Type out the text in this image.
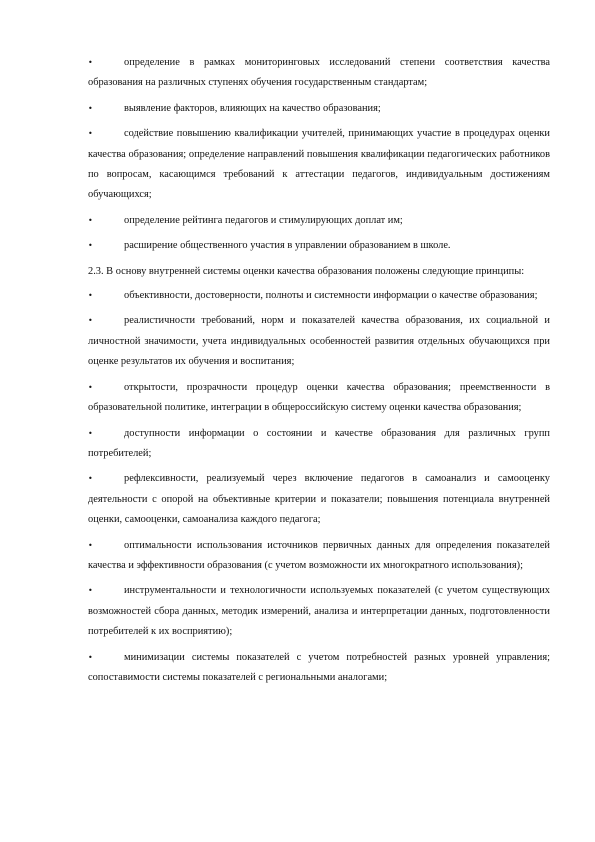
•	определение в рамках мониторинговых исследований степени соответствия качества образования на различных ступенях обучения государственным стандартам;

•	выявление факторов, влияющих на качество образования;

•	содействие повышению квалификации учителей, принимающих участие в процедурах оценки качества образования; определение направлений повышения квалификации педагогических работников по вопросам, касающимся требований к аттестации педагогов, индивидуальным достижениям обучающихся;

•	определение рейтинга педагогов и стимулирующих доплат им;

•	расширение общественного участия в управлении образованием в школе.

2.3. В основу внутренней системы оценки качества образования положены следующие принципы:

•	объективности, достоверности, полноты и системности информации о качестве образования;

•	реалистичности требований, норм и показателей качества образования, их социальной и личностной значимости, учета индивидуальных особенностей развития отдельных обучающихся при оценке результатов их обучения и воспитания;

•	открытости, прозрачности процедур оценки качества образования; преемственности в образовательной политике, интеграции в общероссийскую систему оценки качества образования;

•	доступности информации о состоянии и качестве образования для различных групп потребителей;

•	рефлексивности, реализуемый через включение педагогов в самоанализ и самооценку деятельности с опорой на объективные критерии и показатели; повышения потенциала внутренней оценки, самооценки, самоанализа каждого педагога;

•	оптимальности использования источников первичных данных для определения показателей качества и эффективности образования (с учетом возможности их многократного использования);

•	инструментальности и технологичности используемых показателей (с учетом существующих возможностей сбора данных, методик измерений, анализа и интерпретации данных, подготовленности потребителей к их восприятию);

•	минимизации системы показателей с учетом потребностей разных уровней управления; сопоставимости системы показателей с региональными аналогами;
